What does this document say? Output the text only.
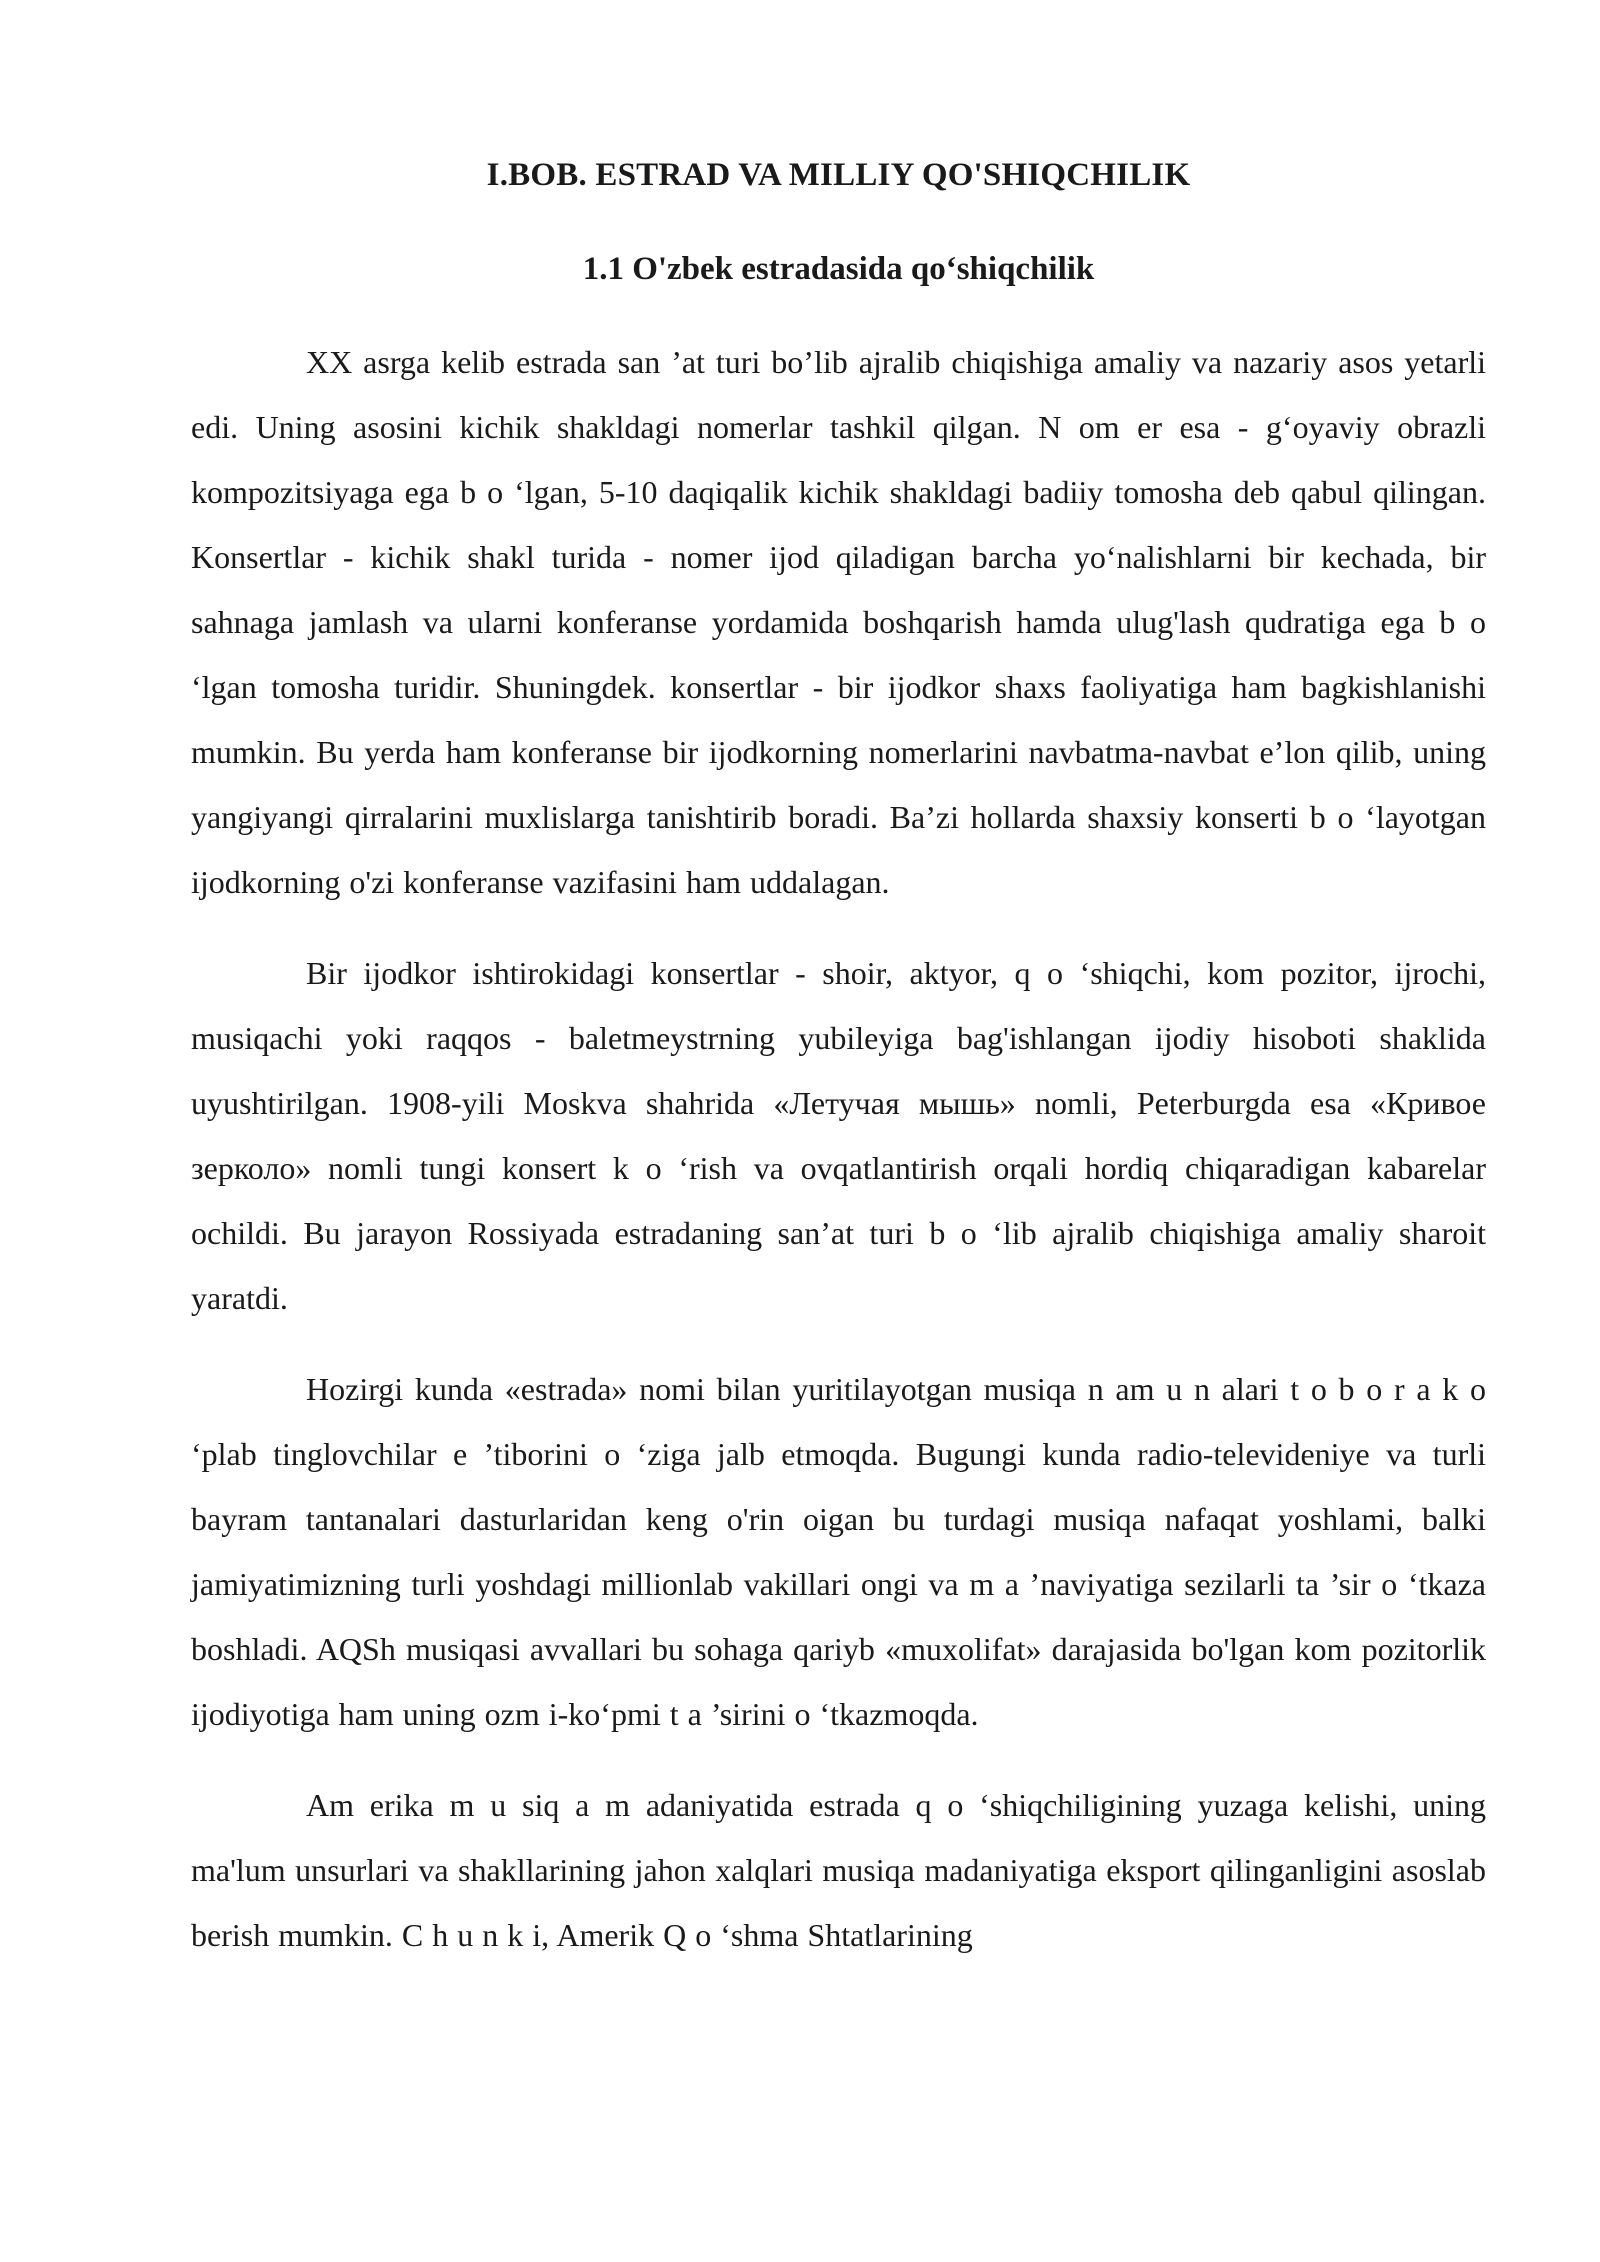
I.BOB. ESTRAD VA MILLIY QO'SHIQCHILIK
1.1 O'zbek estradasida qo‘shiqchilik

XX asrga kelib estrada san ’at turi bo’lib ajralib chiqishiga amaliy va nazariy asos yetarli edi. Uning asosini kichik shakldagi nomerlar tashkil qilgan. N om er esa - g‘oyaviy obrazli kompozitsiyaga ega b o ‘lgan, 5-10 daqiqalik kichik shakldagi badiiy tomosha deb qabul qilingan. Konsertlar - kichik shakl turida - nomer ijod qiladigan barcha yo‘nalishlarni bir kechada, bir sahnaga jamlash va ularni konferanse yordamida boshqarish hamda ulug'lash qudratiga ega b o ‘lgan tomosha turidir. Shuningdek. konsertlar - bir ijodkor shaxs faoliyatiga ham bagkishlanishi mumkin. Bu yerda ham konferanse bir ijodkorning nomerlarini navbatma-navbat e’lon qilib, uning yangiyangi qirralarini muxlislarga tanishtirib boradi. Ba’zi hollarda shaxsiy konserti b o ‘layotgan ijodkorning o'zi konferanse vazifasini ham uddalagan.

Bir ijodkor ishtirokidagi konsertlar - shoir, aktyor, q o ‘shiqchi, kom pozitor, ijrochi, musiqachi yoki raqqos - baletmeystrning yubileyiga bag'ishlangan ijodiy hisoboti shaklida uyushtirilgan. 1908-yili Moskva shahrida «Летучая мышь» nomli, Peterburgda esa «Кривое зерколо» nomli tungi konsert k o ‘rish va ovqatlantirish orqali hordiq chiqaradigan kabarelar ochildi. Bu jarayon Rossiyada estradaning san’at turi b o ‘lib ajralib chiqishiga amaliy sharoit yaratdi.

Hozirgi kunda «estrada» nomi bilan yuritilayotgan musiqa n am u n alari t o b o r a k o ‘plab tinglovchilar e ’tiborini o ‘ziga jalb etmoqda. Bugungi kunda radio-televideniye va turli bayram tantanalari dasturlaridan keng o'rin oigan bu turdagi musiqa nafaqat yoshlami, balki jamiyatimizning turli yoshdagi millionlab vakillari ongi va m a ’naviyatiga sezilarli ta ’sir o ‘tkaza boshladi. AQSh musiqasi avvallari bu sohaga qariyb «muxolifat» darajasida bo'lgan kom pozitorlik ijodiyotiga ham uning ozm i-ko‘pmi t a ’sirini o ‘tkazmoqda.

Am erika m u siq a m adaniyatida estrada q o ‘shiqchiligining yuzaga kelishi, uning ma'lum unsurlari va shakllarining jahon xalqlari musiqa madaniyatiga eksport qilinganligini asoslab berish mumkin. C h u n k i, Amerik Q o ‘shma Shtatlarining
